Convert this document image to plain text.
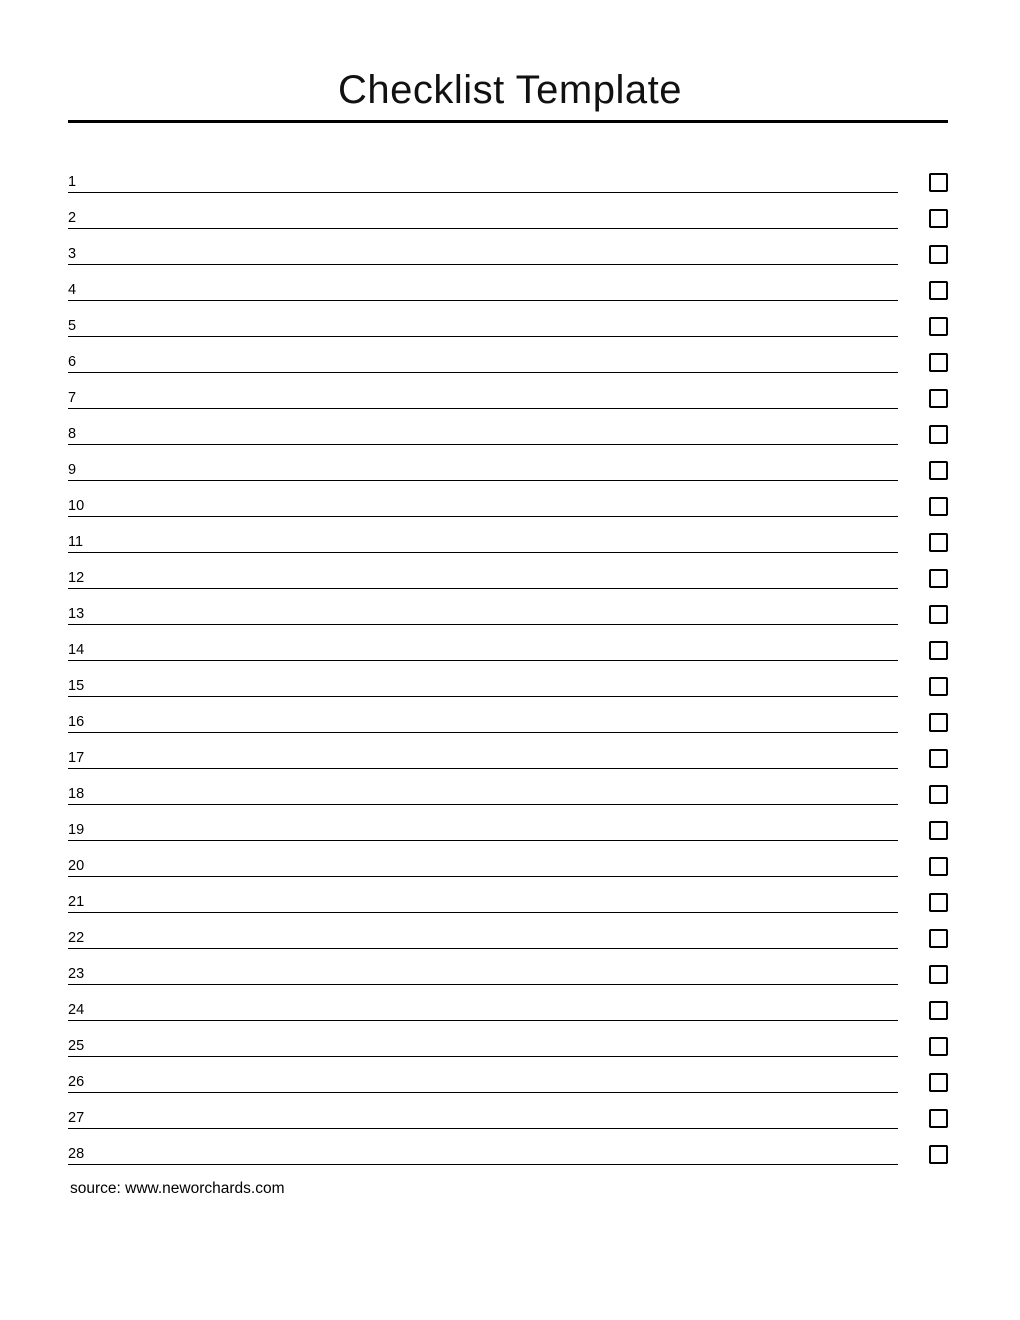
Checklist Template
1
2
3
4
5
6
7
8
9
10
11
12
13
14
15
16
17
18
19
20
21
22
23
24
25
26
27
28
source: www.neworchards.com
